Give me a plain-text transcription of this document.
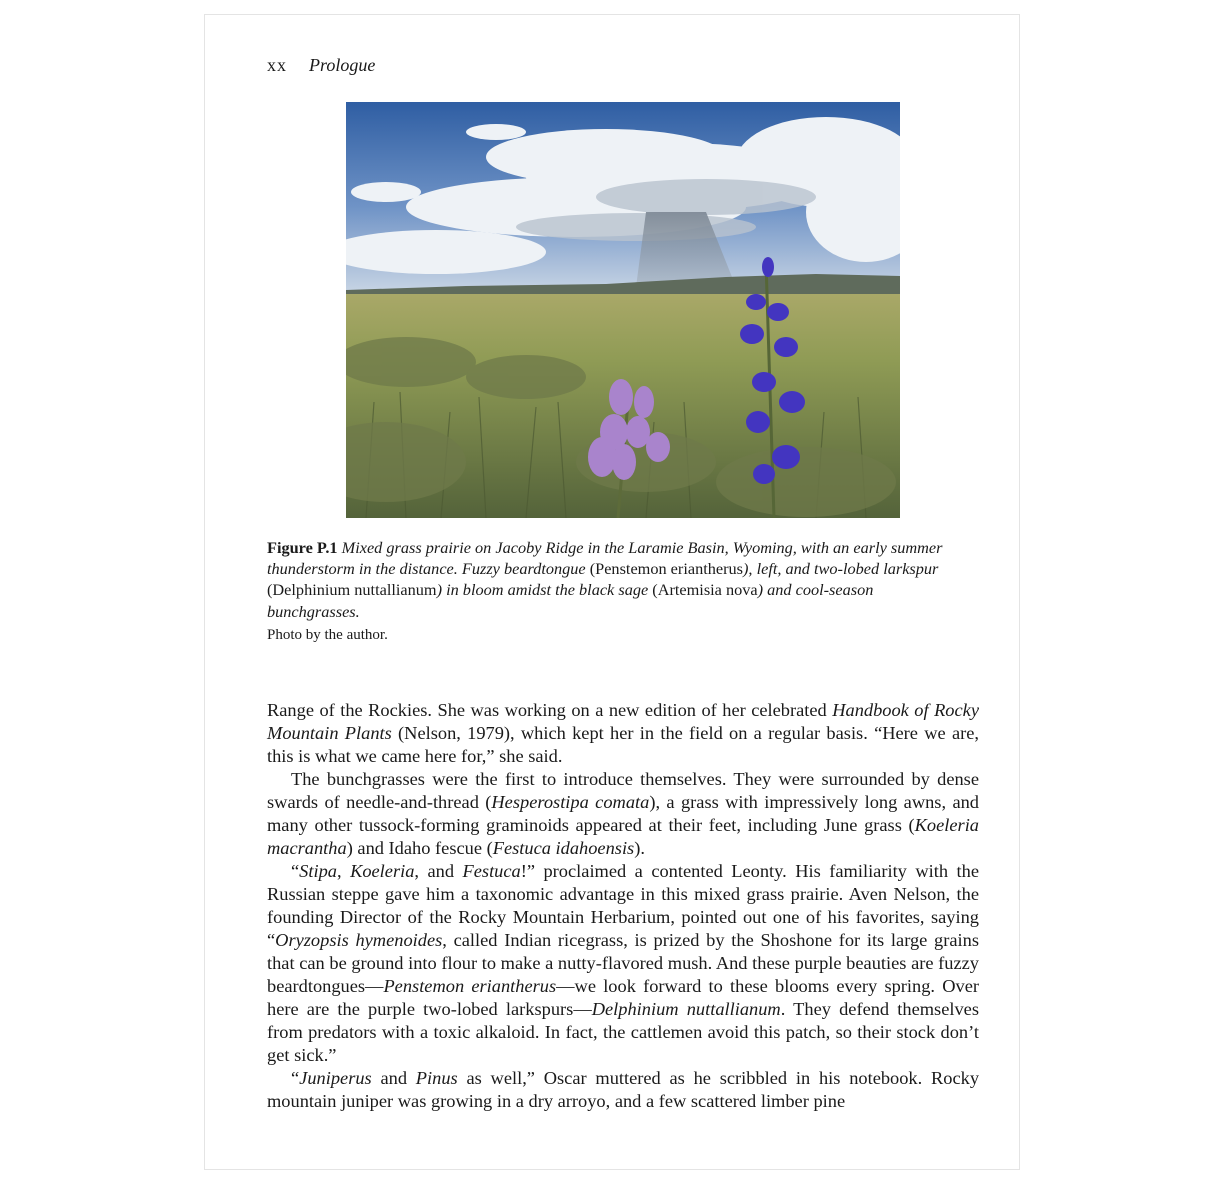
xx Prologue
Figure P.1 Mixed grass prairie on Jacoby Ridge in the Laramie Basin, Wyoming, with an early summer thunderstorm in the distance. Fuzzy beardtongue (Penstemon eriantherus), left, and two-lobed larkspur (Delphinium nuttallianum) in bloom amidst the black sage (Artemisia nova) and cool-season bunchgrasses.
Photo by the author.

Range of the Rockies. She was working on a new edition of her celebrated Handbook of Rocky Mountain Plants (Nelson, 1979), which kept her in the field on a regular basis. “Here we are, this is what we came here for,” she said.

The bunchgrasses were the first to introduce themselves. They were surrounded by dense swards of needle-and-thread (Hesperostipa comata), a grass with impressively long awns, and many other tussock-forming graminoids appeared at their feet, including June grass (Koeleria macrantha) and Idaho fescue (Festuca idahoensis).

“Stipa, Koeleria, and Festuca!” proclaimed a contented Leonty. His familiarity with the Russian steppe gave him a taxonomic advantage in this mixed grass prairie. Aven Nelson, the founding Director of the Rocky Mountain Herbarium, pointed out one of his favorites, saying “Oryzopsis hymenoides, called Indian ricegrass, is prized by the Shoshone for its large grains that can be ground into flour to make a nutty-flavored mush. And these purple beauties are fuzzy beardtongues—Penstemon eriantherus—we look forward to these blooms every spring. Over here are the purple two-lobed larkspurs—Delphinium nuttallianum. They defend themselves from predators with a toxic alkaloid. In fact, the cattlemen avoid this patch, so their stock don’t get sick.”

“Juniperus and Pinus as well,” Oscar muttered as he scribbled in his notebook. Rocky mountain juniper was growing in a dry arroyo, and a few scattered limber pine
